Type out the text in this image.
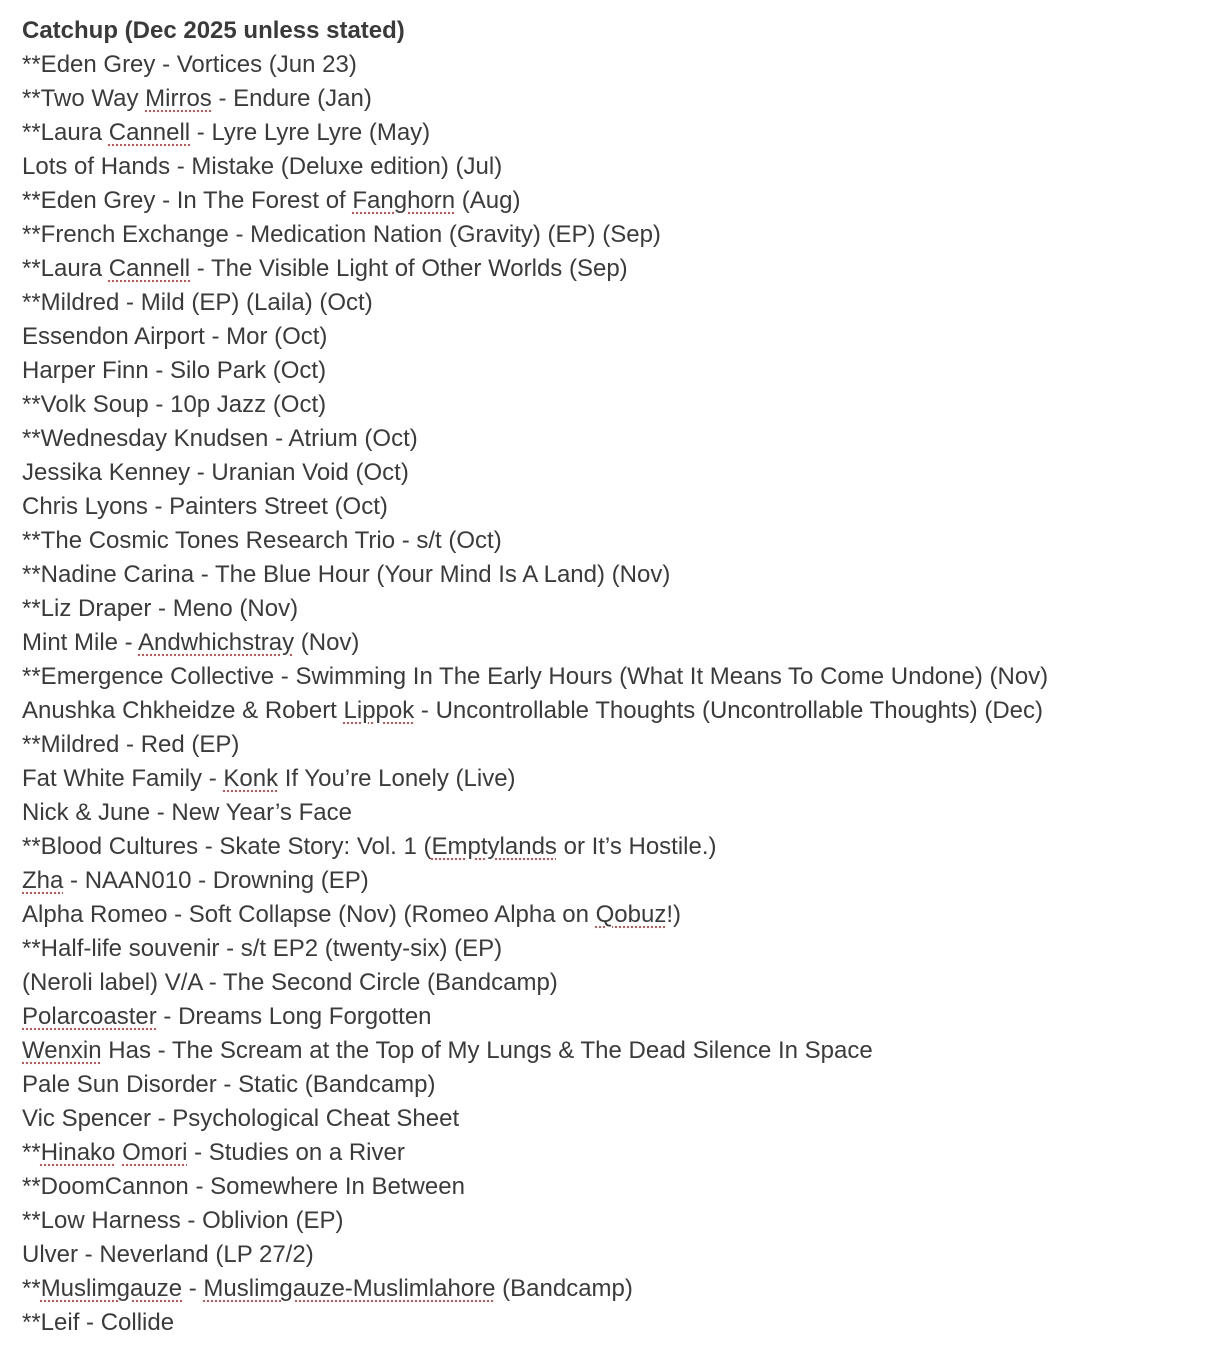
Catchup (Dec 2025 unless stated)
**Eden Grey - Vortices (Jun 23)
**Two Way Mirros - Endure (Jan)
**Laura Cannell - Lyre Lyre Lyre (May)
Lots of Hands - Mistake (Deluxe edition) (Jul)
**Eden Grey - In The Forest of Fanghorn (Aug)
**French Exchange - Medication Nation (Gravity) (EP) (Sep)
**Laura Cannell - The Visible Light of Other Worlds (Sep)
**Mildred - Mild (EP) (Laila) (Oct)
Essendon Airport - Mor (Oct)
Harper Finn - Silo Park (Oct)
**Volk Soup - 10p Jazz (Oct)
**Wednesday Knudsen - Atrium (Oct)
Jessika Kenney - Uranian Void (Oct)
Chris Lyons - Painters Street (Oct)
**The Cosmic Tones Research Trio - s/t (Oct)
**Nadine Carina - The Blue Hour (Your Mind Is A Land) (Nov)
**Liz Draper - Meno (Nov)
Mint Mile - Andwhichstray (Nov)
**Emergence Collective - Swimming In The Early Hours (What It Means To Come Undone) (Nov)
Anushka Chkheidze & Robert Lippok - Uncontrollable Thoughts (Uncontrollable Thoughts) (Dec)
**Mildred - Red (EP)
Fat White Family - Konk If You’re Lonely (Live)
Nick & June - New Year’s Face
**Blood Cultures - Skate Story: Vol. 1 (Emptylands or It’s Hostile.)
Zha - NAAN010 - Drowning (EP)
Alpha Romeo - Soft Collapse (Nov) (Romeo Alpha on Qobuz!)
**Half-life souvenir - s/t EP2 (twenty-six) (EP)
(Neroli label) V/A - The Second Circle (Bandcamp)
Polarcoaster - Dreams Long Forgotten
Wenxin Has - The Scream at the Top of My Lungs & The Dead Silence In Space
Pale Sun Disorder - Static (Bandcamp)
Vic Spencer - Psychological Cheat Sheet
**Hinako Omori - Studies on a River
**DoomCannon - Somewhere In Between
**Low Harness - Oblivion (EP)
Ulver - Neverland (LP 27/2)
**Muslimgauze - Muslimgauze-Muslimlahore (Bandcamp)
**Leif - Collide
